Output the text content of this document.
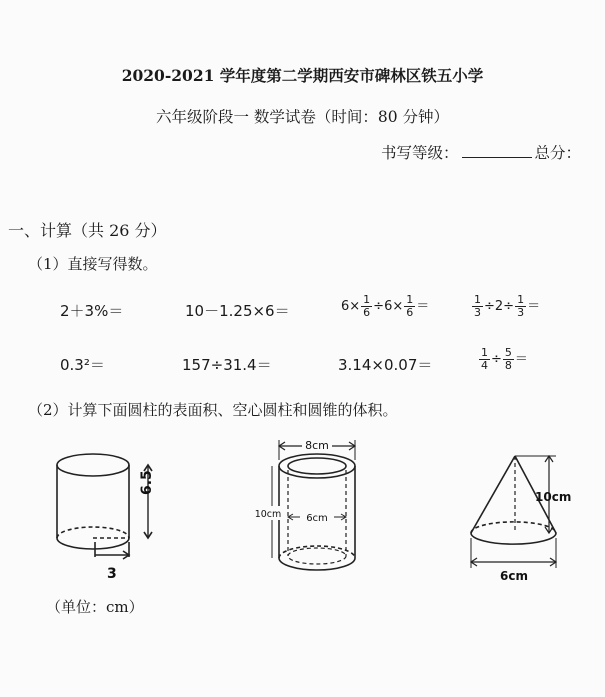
2020-2021 学年度第二学期西安市碑林区铁五小学
六年级阶段一 数学试卷（时间：80 分钟）
书写等级：	总分：
一、计算（共 26 分）
（1）直接写得数。
2＋3%＝	10－1.25×6＝	$6\times \frac{1}{6} \div 6\times \frac{1}{6}$ ＝	$\frac{1}{3} \div 2\div \frac{1}{3}$ ＝
0.3²＝	157÷31.4＝	3.14×0.07＝	$\frac{1}{4} \div \frac{5}{8}$ ＝
（2）计算下面圆柱的表面积、空心圆柱和圆锥的体积。
6.5
3
6cm
8cm
10cm
10cm
6cm
（单位：cm）
